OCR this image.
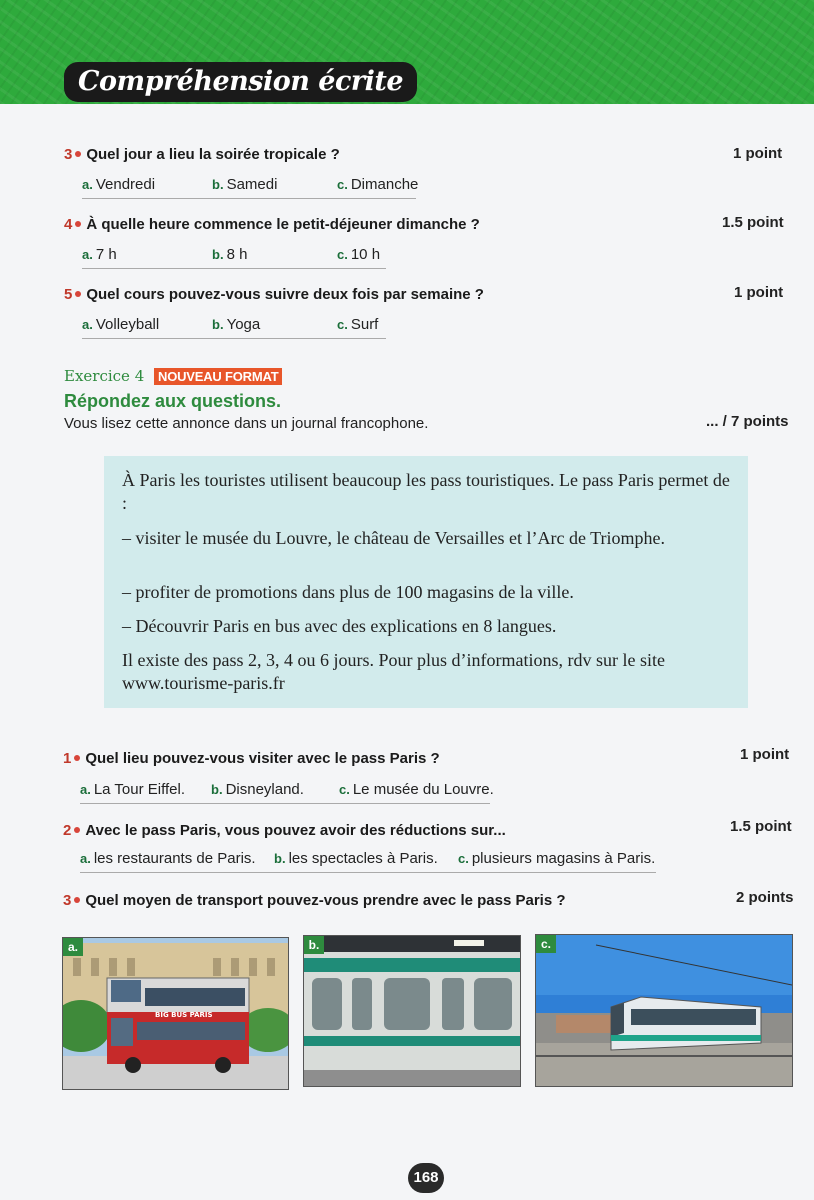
Compréhension écrite
3 Quel jour a lieu la soirée tropicale ?	1 point
a. Vendredi	b. Samedi	c. Dimanche
4 À quelle heure commence le petit-déjeuner dimanche ?	1.5 point
a. 7 h	b. 8 h	c. 10 h
5 Quel cours pouvez-vous suivre deux fois par semaine ?	1 point
a. Volleyball	b. Yoga	c. Surf
Exercice 4	NOUVEAU FORMAT
Répondez aux questions.
Vous lisez cette annonce dans un journal francophone.	... / 7 points

À Paris les touristes utilisent beaucoup les pass touristiques. Le pass Paris permet de :

– visiter le musée du Louvre, le château de Versailles et l’Arc de Triomphe.

– profiter de promotions dans plus de 100 magasins de la ville.

– Découvrir Paris en bus avec des explications en 8 langues.

Il existe des pass 2, 3, 4 ou 6 jours. Pour plus d’informations, rdv sur le site www.tourisme-paris.fr

1 Quel lieu pouvez-vous visiter avec le pass Paris ?	1 point
a. La Tour Eiffel. b. Disneyland.	c. Le musée du Louvre.
2 Avec le pass Paris, vous pouvez avoir des réductions sur...	1.5 point
a. les restaurants de Paris. b. les spectacles à Paris. c. plusieurs magasins à Paris.
3 Quel moyen de transport pouvez-vous prendre avec le pass Paris ?	2 points
a.
BIG BUS PARIS
b.	c.
168
